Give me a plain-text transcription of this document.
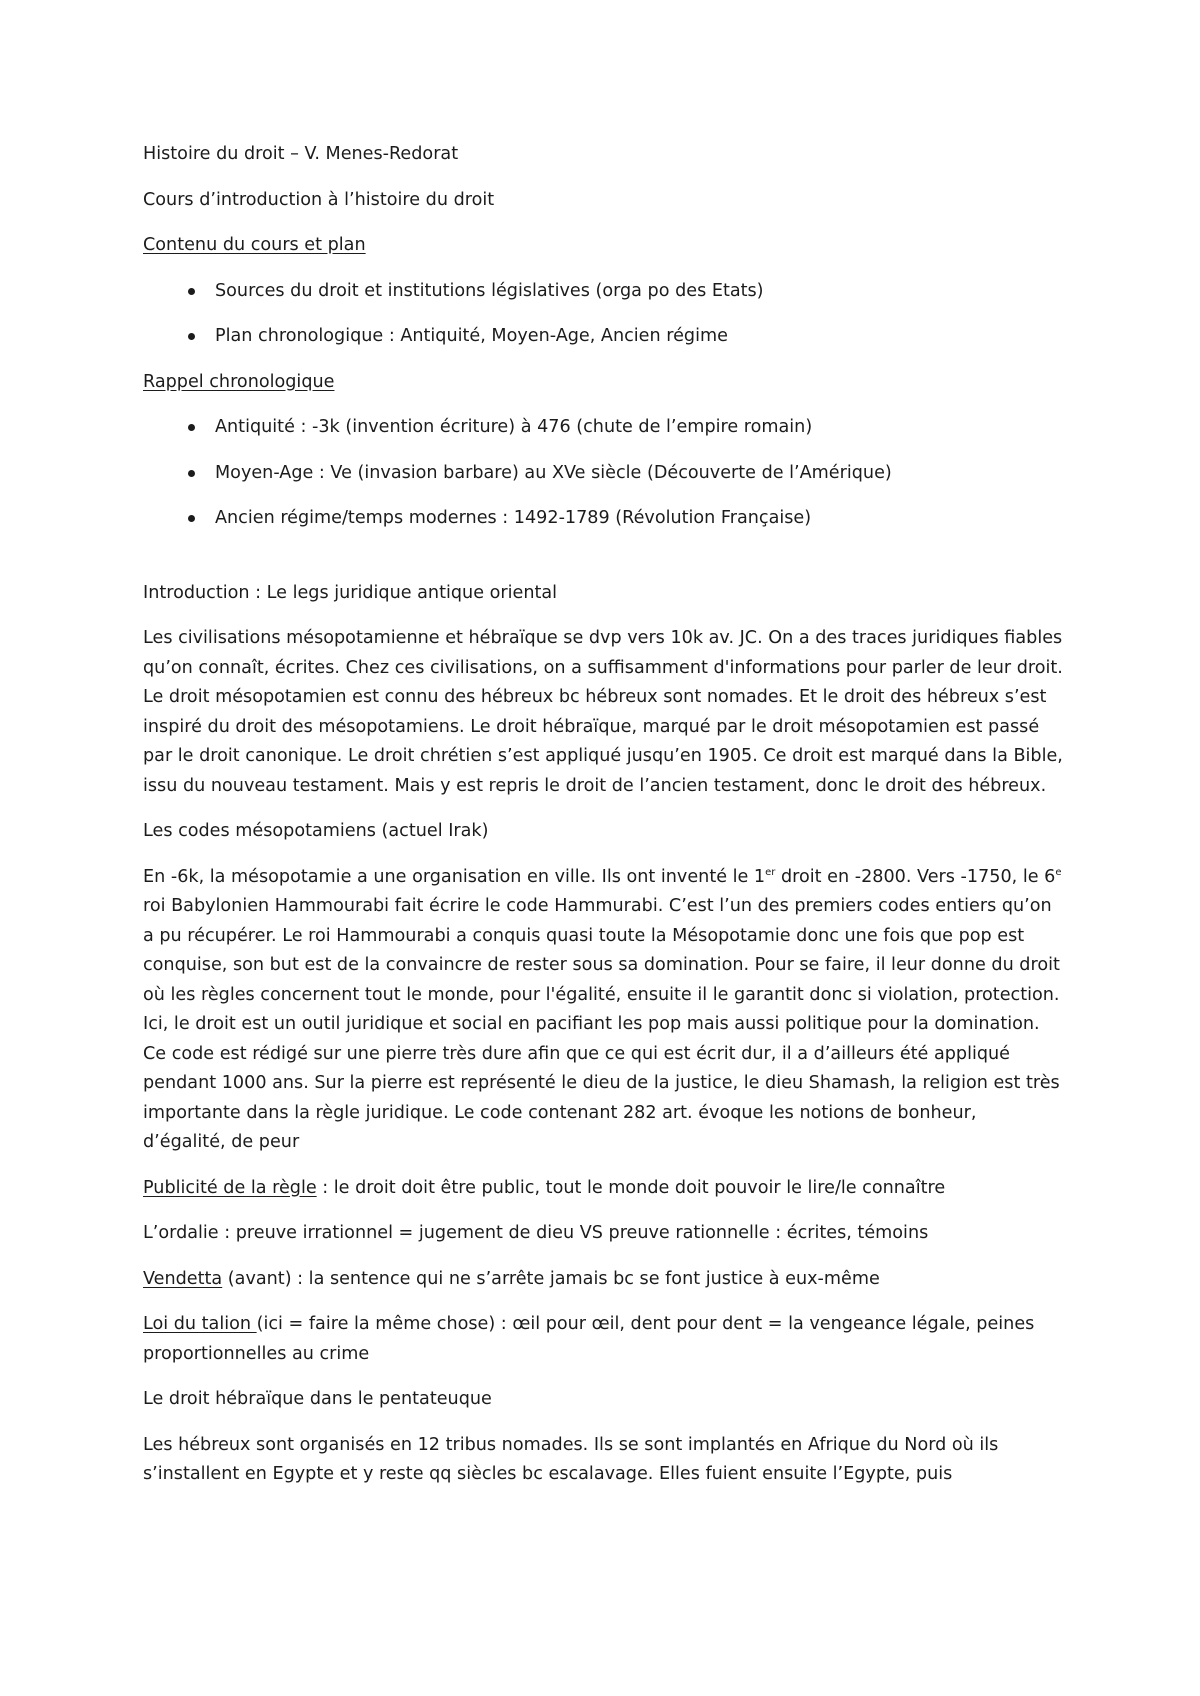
Histoire du droit – V. Menes-Redorat

Cours d’introduction à l’histoire du droit

Contenu du cours et plan

Sources du droit et institutions législatives (orga po des Etats)
Plan chronologique : Antiquité, Moyen-Age, Ancien régime

Rappel chronologique

Antiquité : -3k (invention écriture) à 476 (chute de l’empire romain)
Moyen-Age : Ve (invasion barbare) au XVe siècle (Découverte de l’Amérique)
Ancien régime/temps modernes : 1492-1789 (Révolution Française)

Introduction : Le legs juridique antique oriental

Les civilisations mésopotamienne et hébraïque se dvp vers 10k av. JC. On a des traces juridiques fiables qu’on connaît, écrites. Chez ces civilisations, on a suffisamment d'informations pour parler de leur droit. Le droit mésopotamien est connu des hébreux bc hébreux sont nomades. Et le droit des hébreux s’est inspiré du droit des mésopotamiens. Le droit hébraïque, marqué par le droit mésopotamien est passé par le droit canonique. Le droit chrétien s’est appliqué jusqu’en 1905. Ce droit est marqué dans la Bible, issu du nouveau testament. Mais y est repris le droit de l’ancien testament, donc le droit des hébreux.

Les codes mésopotamiens (actuel Irak)

En -6k, la mésopotamie a une organisation en ville. Ils ont inventé le 1er droit en -2800. Vers -1750, le 6e roi Babylonien Hammourabi fait écrire le code Hammurabi. C’est l’un des premiers codes entiers qu’on a pu récupérer. Le roi Hammourabi a conquis quasi toute la Mésopotamie donc une fois que pop est conquise, son but est de la convaincre de rester sous sa domination. Pour se faire, il leur donne du droit où les règles concernent tout le monde, pour l'égalité, ensuite il le garantit donc si violation, protection. Ici, le droit est un outil juridique et social en pacifiant les pop mais aussi politique pour la domination. Ce code est rédigé sur une pierre très dure afin que ce qui est écrit dur, il a d’ailleurs été appliqué pendant 1000 ans. Sur la pierre est représenté le dieu de la justice, le dieu Shamash, la religion est très importante dans la règle juridique. Le code contenant 282 art. évoque les notions de bonheur, d’égalité, de peur

Publicité de la règle : le droit doit être public, tout le monde doit pouvoir le lire/le connaître

L’ordalie : preuve irrationnel = jugement de dieu VS preuve rationnelle : écrites, témoins

Vendetta (avant) : la sentence qui ne s’arrête jamais bc se font justice à eux-même

Loi du talion (ici = faire la même chose) : œil pour œil, dent pour dent = la vengeance légale, peines proportionnelles au crime

Le droit hébraïque dans le pentateuque

Les hébreux sont organisés en 12 tribus nomades. Ils se sont implantés en Afrique du Nord où ils s’installent en Egypte et y reste qq siècles bc escalavage. Elles fuient ensuite l’Egypte, puis
